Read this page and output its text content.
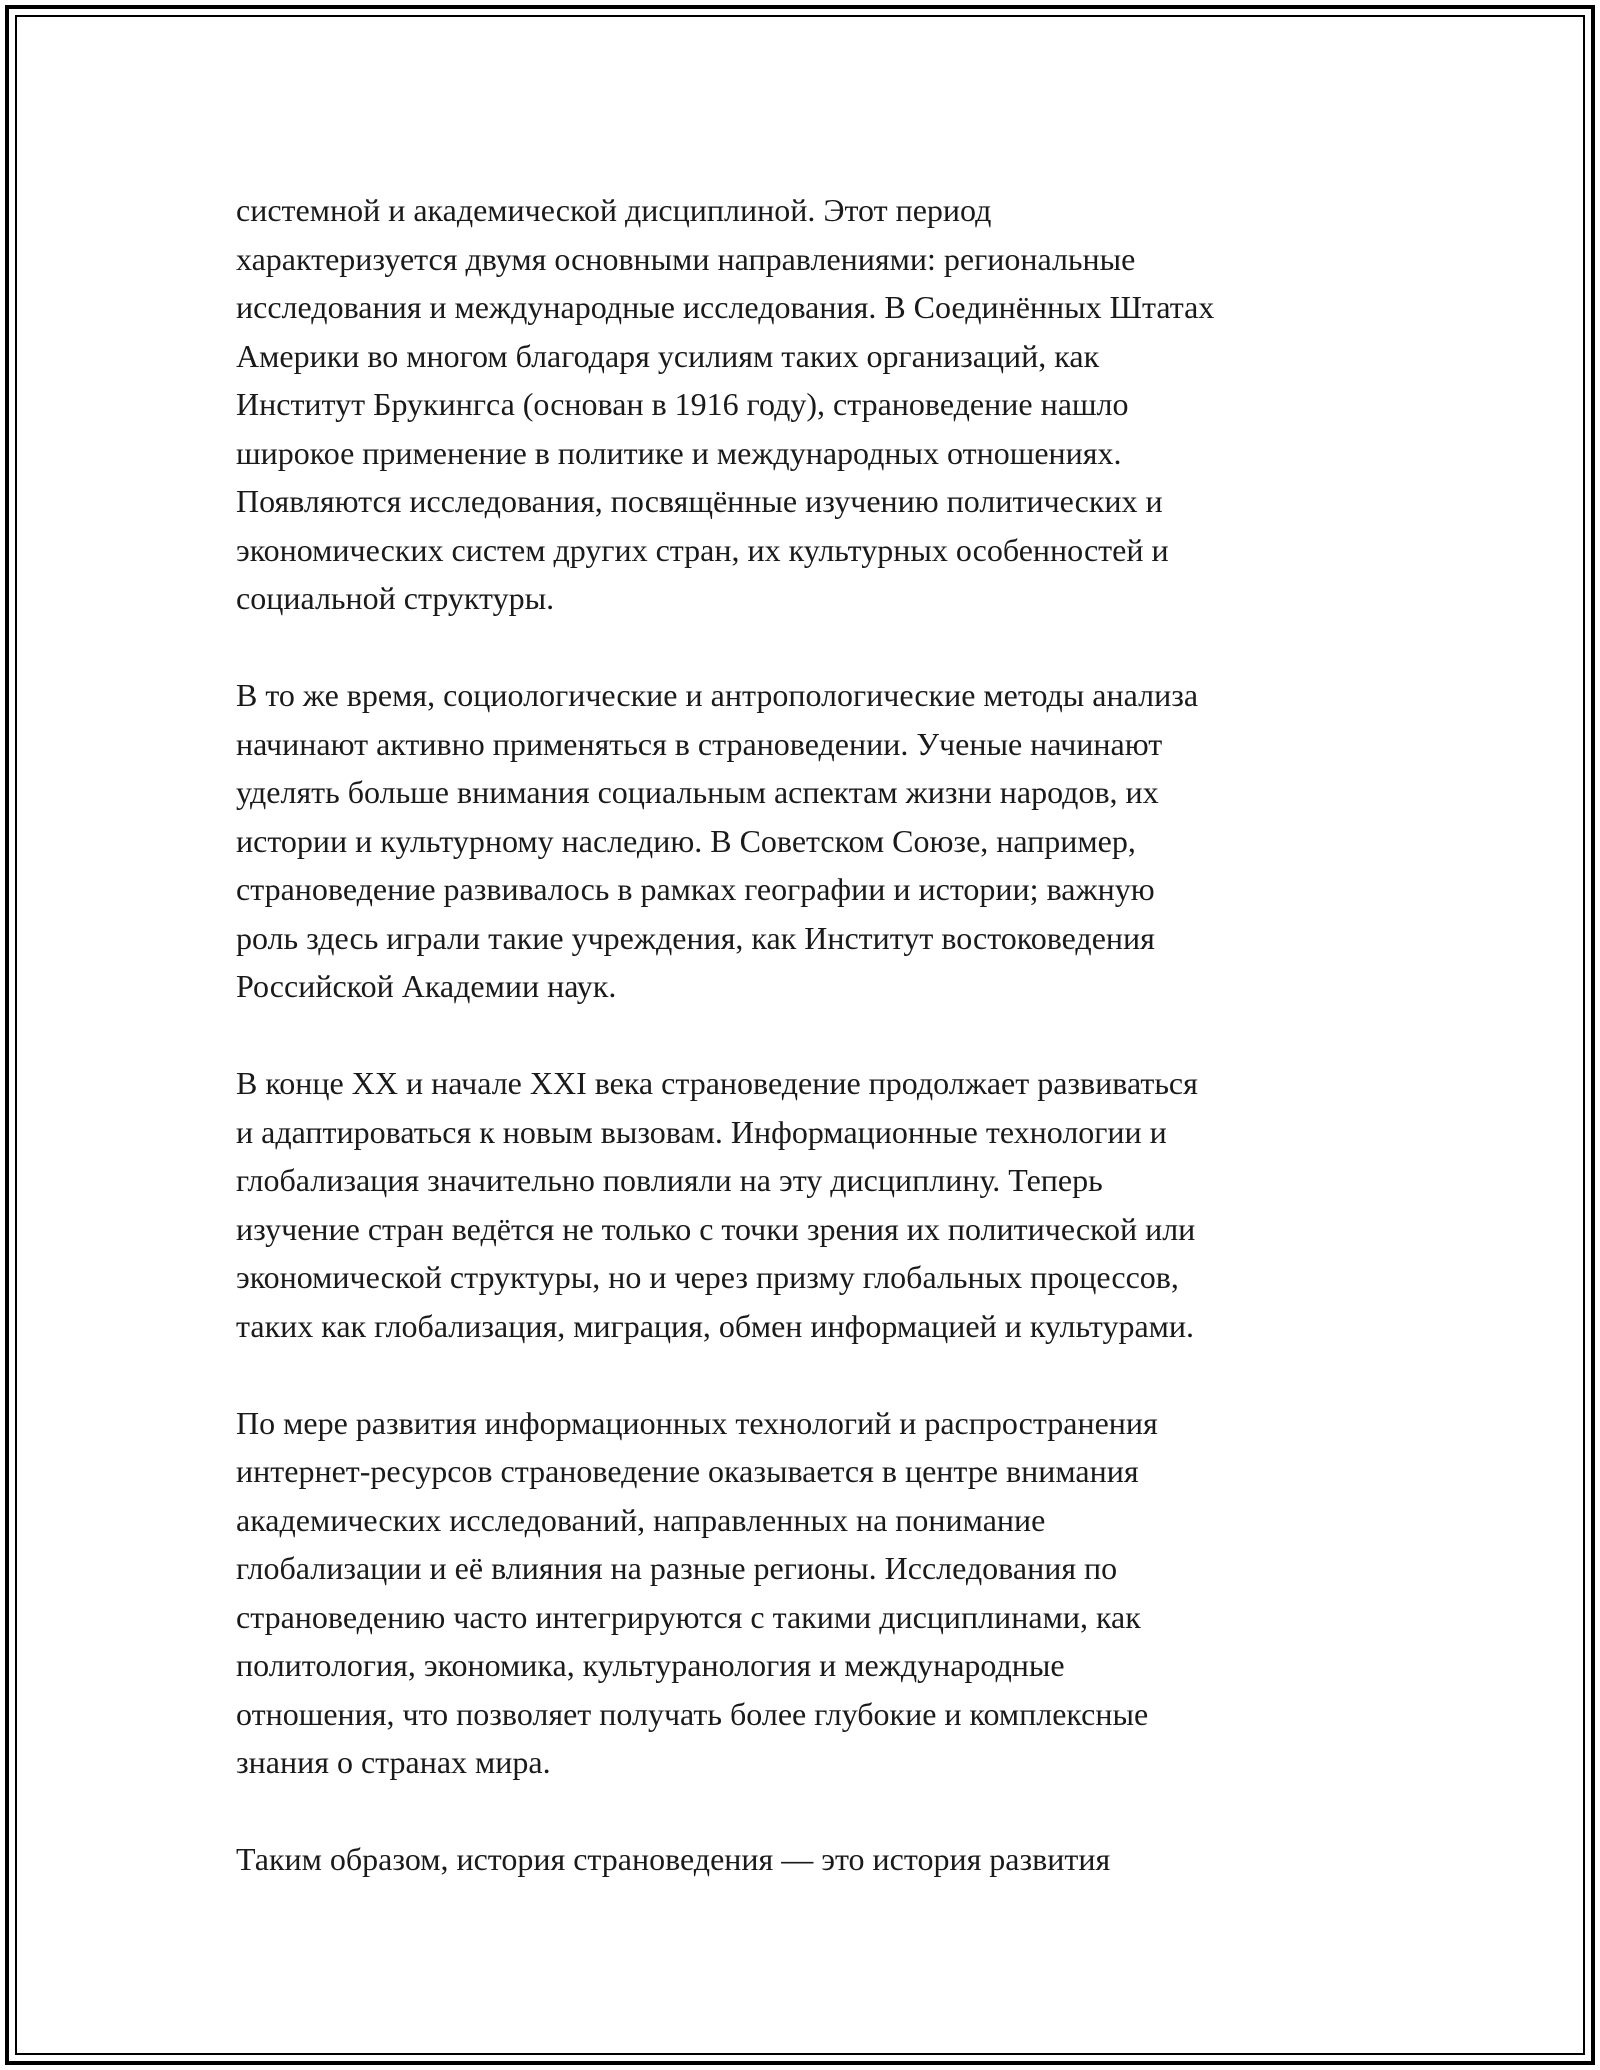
системной и академической дисциплиной. Этот период
характеризуется двумя основными направлениями: региональные
исследования и международные исследования. В Соединённых Штатах
Америки во многом благодаря усилиям таких организаций, как
Институт Брукингса (основан в 1916 году), страноведение нашло
широкое применение в политике и международных отношениях.
Появляются исследования, посвящённые изучению политических и
экономических систем других стран, их культурных особенностей и
социальной структуры.

В то же время, социологические и антропологические методы анализа
начинают активно применяться в страноведении. Ученые начинают
уделять больше внимания социальным аспектам жизни народов, их
истории и культурному наследию. В Советском Союзе, например,
страноведение развивалось в рамках географии и истории; важную
роль здесь играли такие учреждения, как Институт востоковедения
Российской Академии наук.

В конце XX и начале XXI века страноведение продолжает развиваться
и адаптироваться к новым вызовам. Информационные технологии и
глобализация значительно повлияли на эту дисциплину. Теперь
изучение стран ведётся не только с точки зрения их политической или
экономической структуры, но и через призму глобальных процессов,
таких как глобализация, миграция, обмен информацией и культурами.

По мере развития информационных технологий и распространения
интернет-ресурсов страноведение оказывается в центре внимания
академических исследований, направленных на понимание
глобализации и её влияния на разные регионы. Исследования по
страноведению часто интегрируются с такими дисциплинами, как
политология, экономика, культуранология и международные
отношения, что позволяет получать более глубокие и комплексные
знания о странах мира.

Таким образом, история страноведения — это история развития
